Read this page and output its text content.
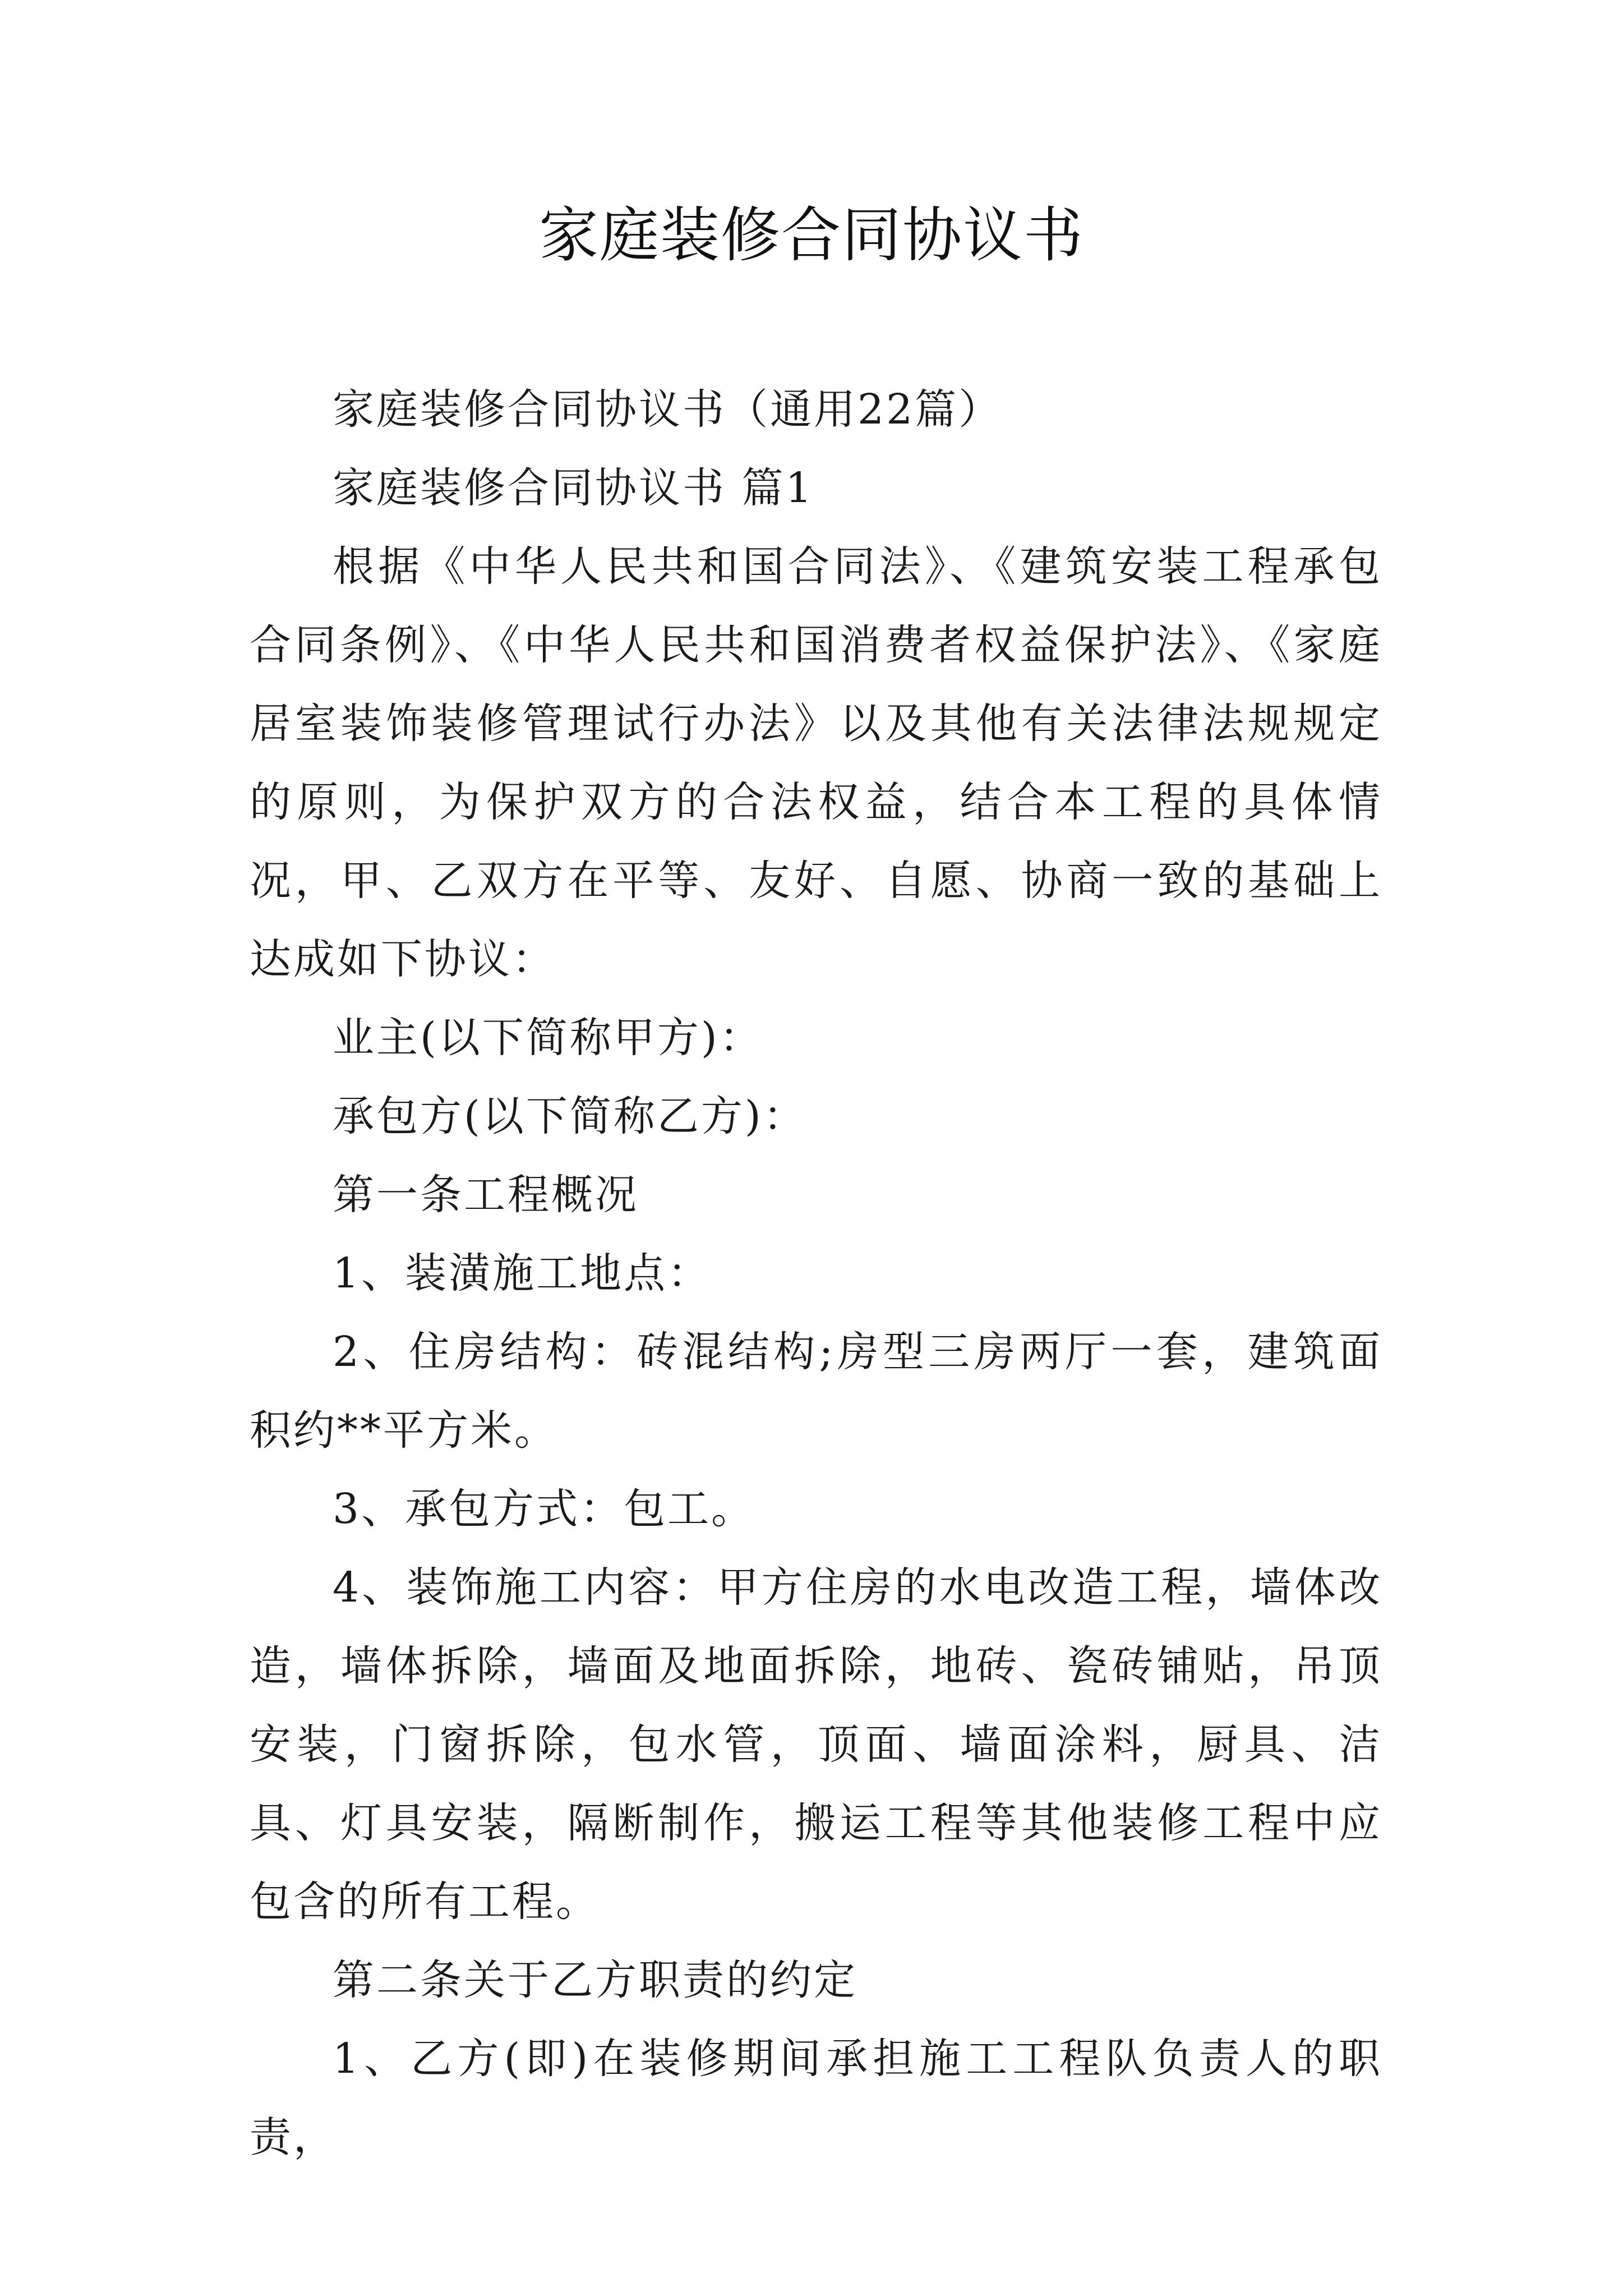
家庭装修合同协议书

家庭装修合同协议书（通用22篇）

家庭装修合同协议书 篇1

根据《中华人民共和国合同法》、《建筑安装工程承包合同条例》、《中华人民共和国消费者权益保护法》、《家庭居室装饰装修管理试行办法》以及其他有关法律法规规定的原则，为保护双方的合法权益，结合本工程的具体情况，甲、乙双方在平等、友好、自愿、协商一致的基础上达成如下协议：

业主(以下简称甲方)：

承包方(以下简称乙方)：

第一条工程概况

1、装潢施工地点：

2、住房结构：砖混结构;房型三房两厅一套，建筑面积约**平方米。

3、承包方式：包工。

4、装饰施工内容：甲方住房的水电改造工程，墙体改造，墙体拆除，墙面及地面拆除，地砖、瓷砖铺贴，吊顶安装，门窗拆除，包水管，顶面、墙面涂料，厨具、洁具、灯具安装，隔断制作，搬运工程等其他装修工程中应包含的所有工程。

第二条关于乙方职责的约定

1、乙方(即)在装修期间承担施工工程队负责人的职责，
